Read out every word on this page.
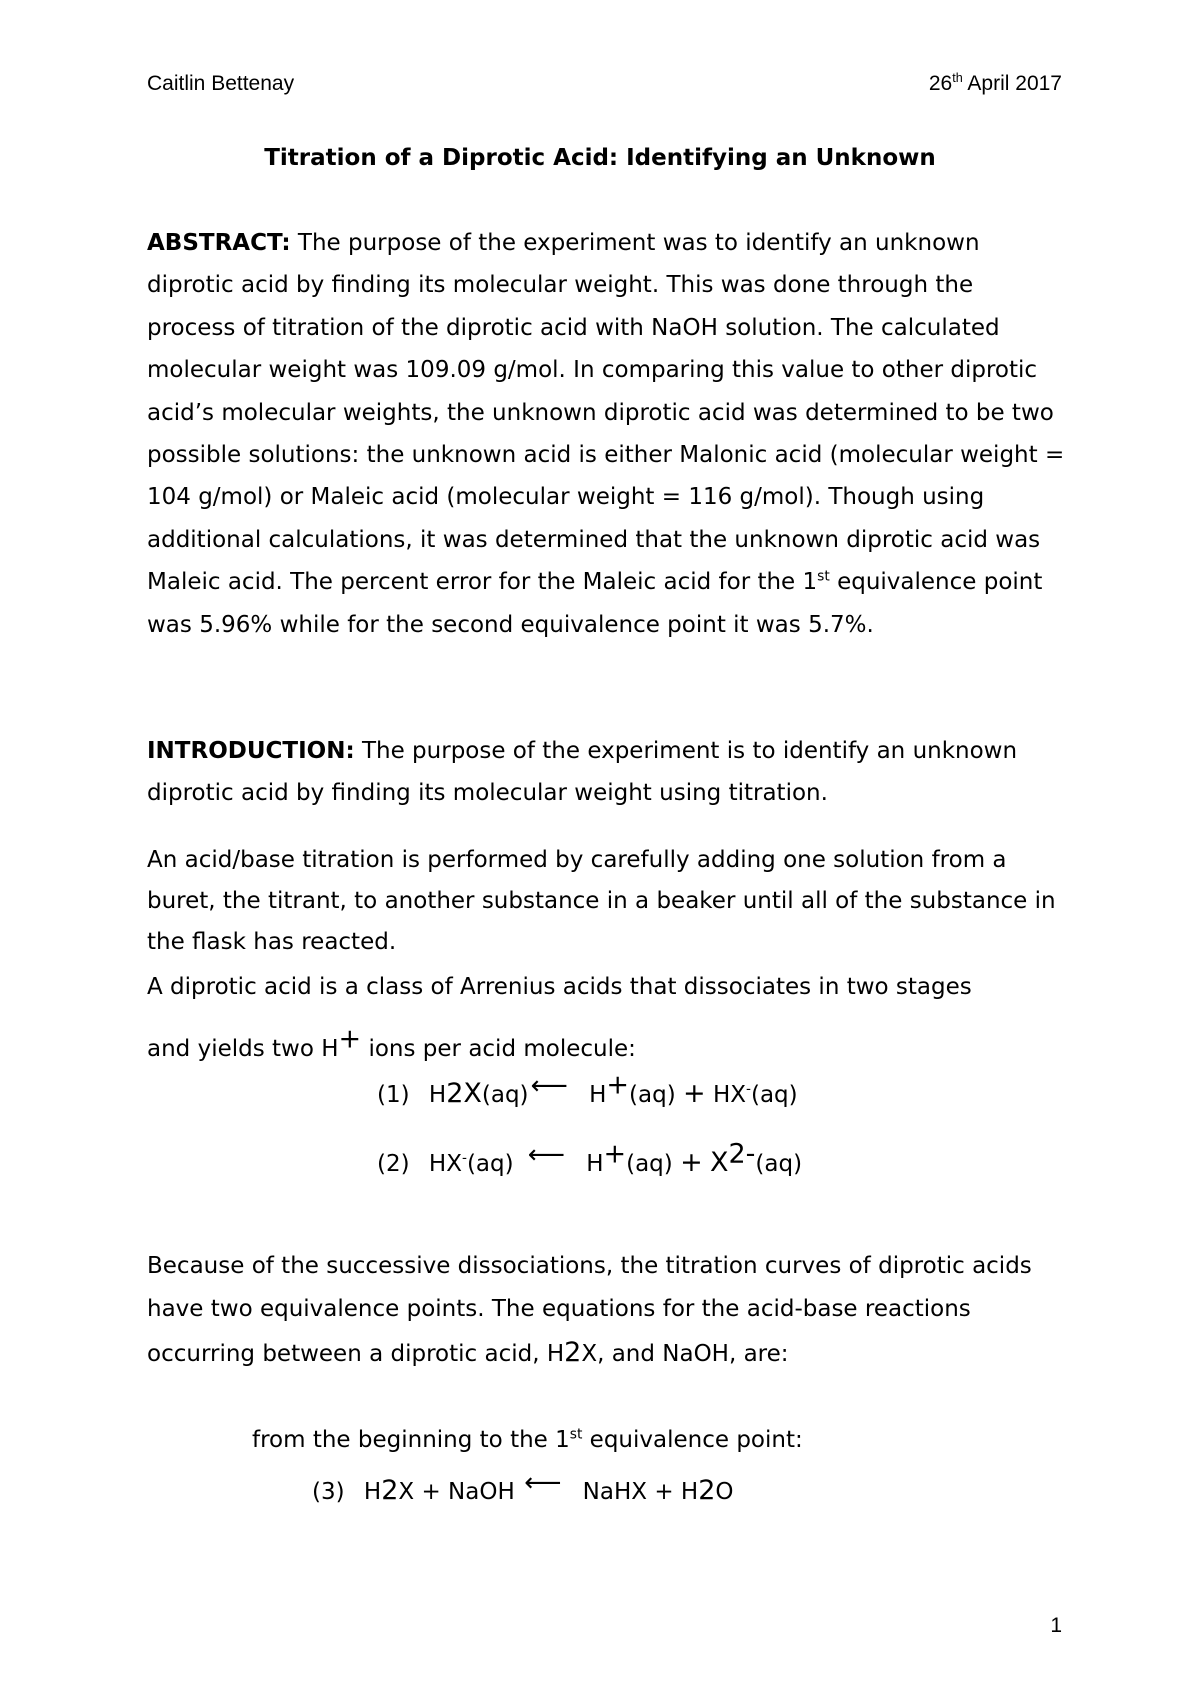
Caitlin Bettenay	26th April 2017
Titration of a Diprotic Acid: Identifying an Unknown

ABSTRACT: The purpose of the experiment was to identify an unknown diprotic acid by finding its molecular weight. This was done through the process of titration of the diprotic acid with NaOH solution. The calculated molecular weight was 109.09 g/mol. In comparing this value to other diprotic acid’s molecular weights, the unknown diprotic acid was determined to be two possible solutions: the unknown acid is either Malonic acid (molecular weight = 104 g/mol) or Maleic acid (molecular weight = 116 g/mol). Though using additional calculations, it was determined that the unknown diprotic acid was Maleic acid. The percent error for the Maleic acid for the 1st equivalence point was 5.96% while for the second equivalence point it was 5.7%.

INTRODUCTION: The purpose of the experiment is to identify an unknown diprotic acid by finding its molecular weight using titration.

An acid/base titration is performed by carefully adding one solution from a buret, the titrant, to another substance in a beaker until all of the substance in the flask has reacted.

A diprotic acid is a class of Arrenius acids that dissociates in two stages

and yields two H+ ions per acid molecule:

(1) H2X(aq)⟵ H+(aq) + HX-(aq)
(2) HX-(aq) ⟵ $H^+(aq) + X^{2-}(aq)$

Because of the successive dissociations, the titration curves of diprotic acids have two equivalence points. The equations for the acid-base reactions occurring between a diprotic acid, H2X, and NaOH, are:

from the beginning to the 1st equivalence point:
(3) H2X + NaOH ⟵ NaHX + H2O
1
